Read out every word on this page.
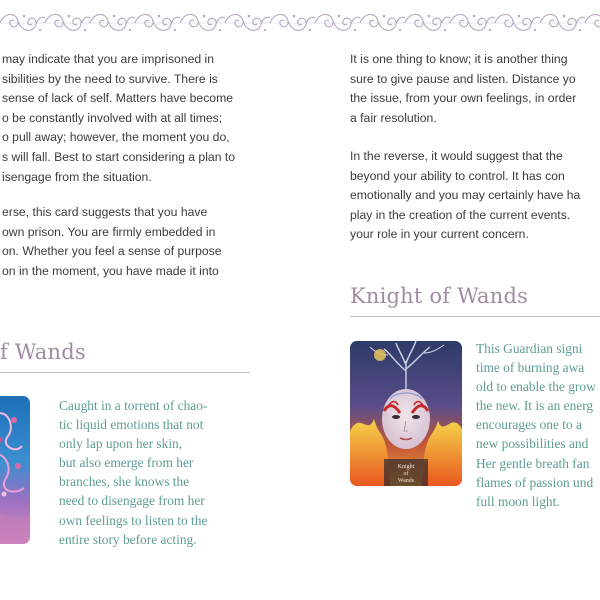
may indicate that you are imprisoned in
sibilities by the need to survive. There is
sense of lack of self. Matters have become
o be constantly involved with at all times;
o pull away; however, the moment you do,
s will fall. Best to start considering a plan to
isengage from the situation.
erse, this card suggests that you have
own prison. You are firmly embedded in
on. Whether you feel a sense of purpose
on in the moment, you have made it into
f Wands
Caught in a torrent of chao-
tic liquid emotions that not
only lap upon her skin,
but also emerge from her
branches, she knows the
need to disengage from her
own feelings to listen to the
entire story before acting.
It is one thing to know; it is another thing
sure to give pause and listen. Distance yo
the issue, from your own feelings, in order
a fair resolution.
In the reverse, it would suggest that the
beyond your ability to control. It has con
emotionally and you may certainly have ha
play in the creation of the current events.
your role in your current concern.
Knight of Wands
Knight
of
Wands
This Guardian signi
time of burning awa
old to enable the grow
the new. It is an energ
encourages one to a
new possibilities and
Her gentle breath fan
flames of passion und
full moon light.
